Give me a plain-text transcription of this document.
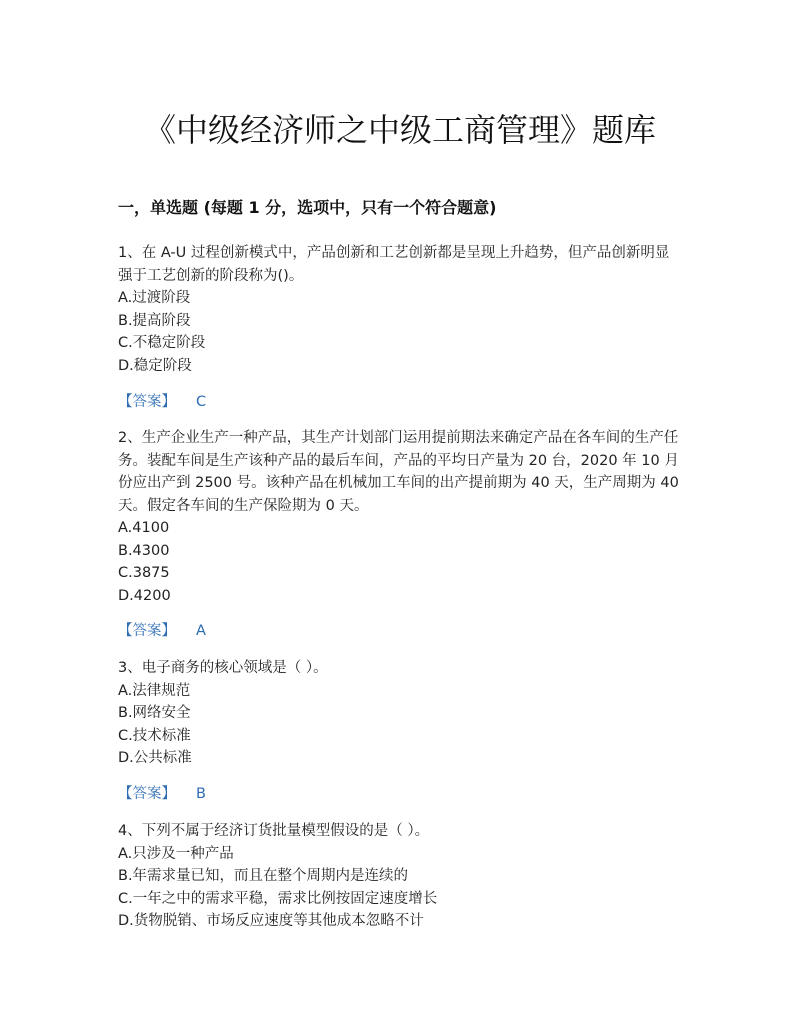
《中级经济师之中级工商管理》题库
一，单选题 (每题 1 分，选项中，只有一个符合题意)

1、在 A-U 过程创新模式中，产品创新和工艺创新都是呈现上升趋势，但产品创新明显强于工艺创新的阶段称为()。

A.过渡阶段

B.提高阶段

C.不稳定阶段

D.稳定阶段

【答案】 C

2、生产企业生产一种产品，其生产计划部门运用提前期法来确定产品在各车间的生产任务。装配车间是生产该种产品的最后车间，产品的平均日产量为 20 台，2020 年 10 月份应出产到 2500 号。该种产品在机械加工车间的出产提前期为 40 天，生产周期为 40 天。假定各车间的生产保险期为 0 天。

A.4100

B.4300

C.3875

D.4200

【答案】 A

3、电子商务的核心领域是（ ）。

A.法律规范

B.网络安全

C.技术标准

D.公共标准

【答案】 B

4、下列不属于经济订货批量模型假设的是（ ）。

A.只涉及一种产品

B.年需求量已知，而且在整个周期内是连续的

C.一年之中的需求平稳，需求比例按固定速度增长

D.货物脱销、市场反应速度等其他成本忽略不计
